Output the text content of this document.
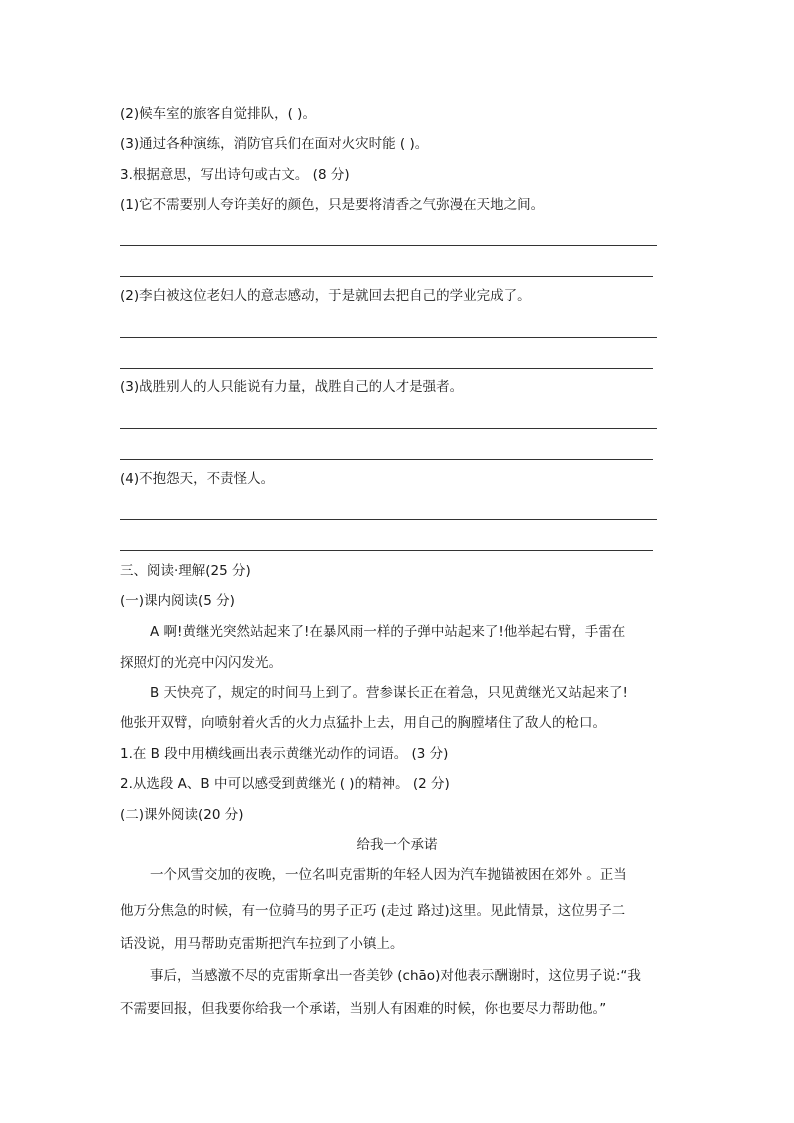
(2)候车室的旅客自觉排队，( )。
(3)通过各种演练，消防官兵们在面对火灾时能 ( )。
3.根据意思，写出诗句或古文。 (8 分)
(1)它不需要别人夸许美好的颜色，只是要将清香之气弥漫在天地之间。
(2)李白被这位老妇人的意志感动，于是就回去把自己的学业完成了。
(3)战胜别人的人只能说有力量，战胜自己的人才是强者。
(4)不抱怨天，不责怪人。
三、阅读·理解(25 分)
(一)课内阅读(5 分)
A 啊!黄继光突然站起来了!在暴风雨一样的子弹中站起来了!他举起右臂，手雷在
探照灯的光亮中闪闪发光。
B 天快亮了，规定的时间马上到了。营参谋长正在着急，只见黄继光又站起来了!
他张开双臂，向喷射着火舌的火力点猛扑上去，用自己的胸膛堵住了敌人的枪口。
1.在 B 段中用横线画出表示黄继光动作的词语。 (3 分)
2.从选段 A、B 中可以感受到黄继光 ( )的精神。 (2 分)
(二)课外阅读(20 分)
给我一个承诺
一个风雪交加的夜晚，一位名叫克雷斯的年轻人因为汽车抛锚被困在郊外 。正当
他万分焦急的时候，有一位骑马的男子正巧 (走过 路过)这里。见此情景，这位男子二
话没说，用马帮助克雷斯把汽车拉到了小镇上。
事后，当感激不尽的克雷斯拿出一沓美钞 (chāo)对他表示酬谢时，这位男子说:“我
不需要回报，但我要你给我一个承诺，当别人有困难的时候，你也要尽力帮助他。”
